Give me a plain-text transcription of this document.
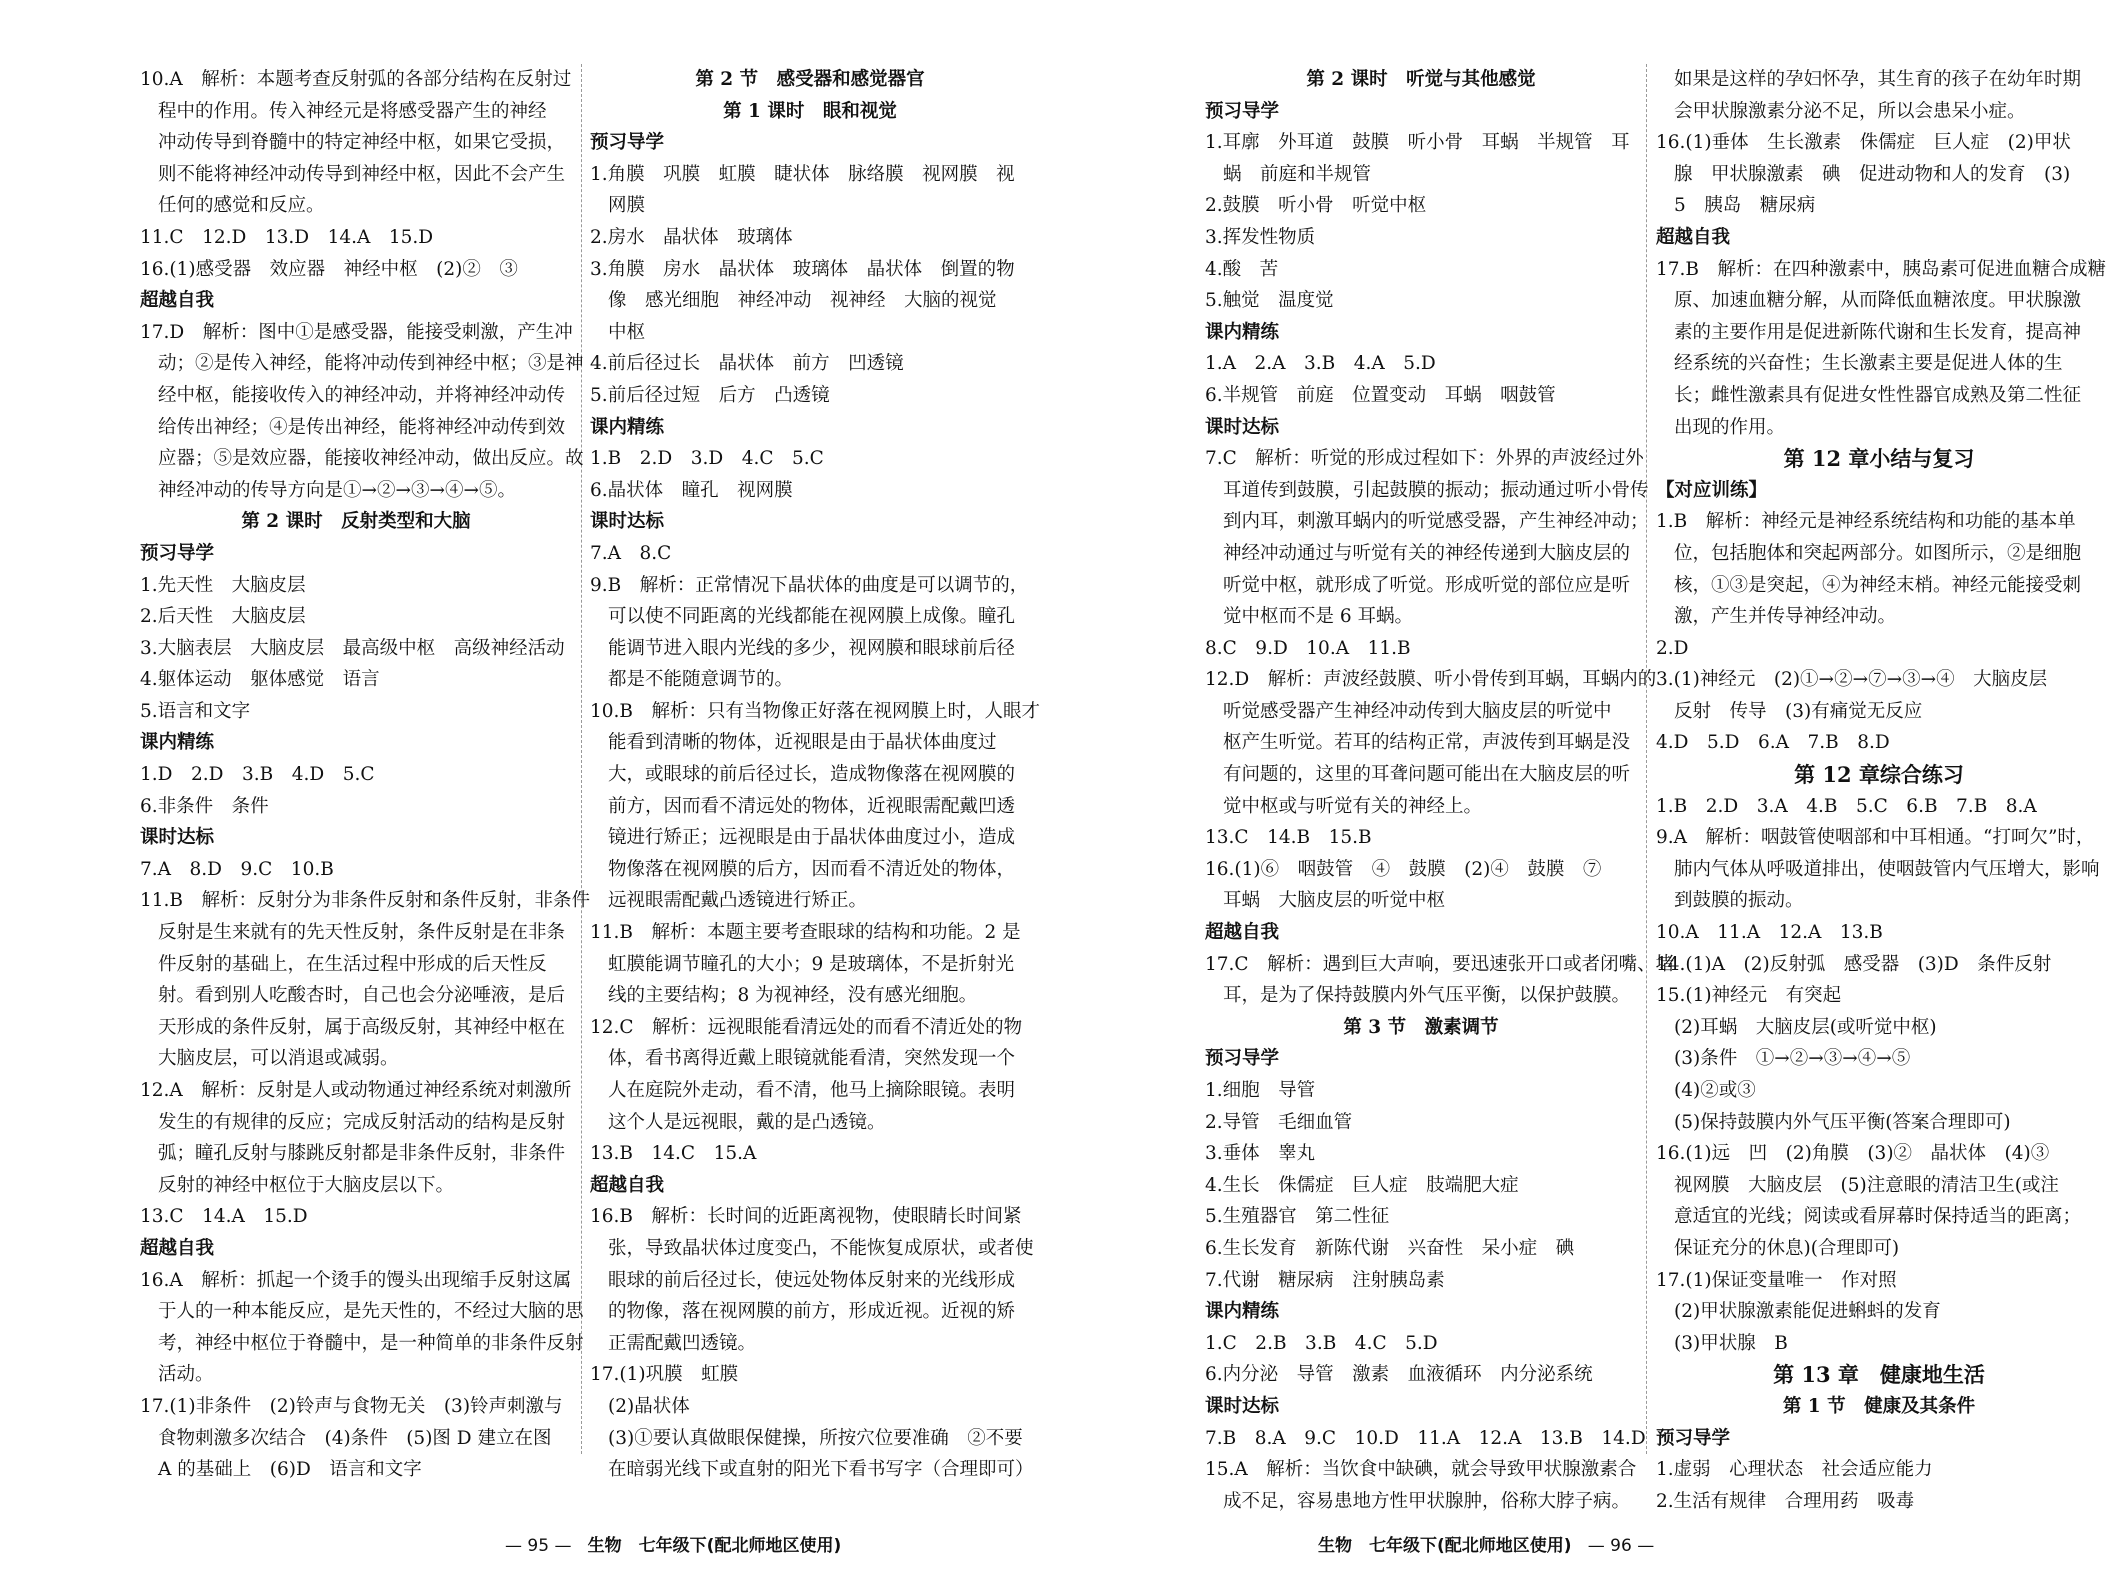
10.A　解析：本题考查反射弧的各部分结构在反射过
程中的作用。传入神经元是将感受器产生的神经
冲动传导到脊髓中的特定神经中枢，如果它受损，
则不能将神经冲动传导到神经中枢，因此不会产生
任何的感觉和反应。
11.C　12.D　13.D　14.A　15.D
16.(1)感受器　效应器　神经中枢　(2)②　③
超越自我
17.D　解析：图中①是感受器，能接受刺激，产生冲
动；②是传入神经，能将冲动传到神经中枢；③是神
经中枢，能接收传入的神经冲动，并将神经冲动传
给传出神经；④是传出神经，能将神经冲动传到效
应器；⑤是效应器，能接收神经冲动，做出反应。故
神经冲动的传导方向是①→②→③→④→⑤。
第 2 课时　反射类型和大脑
预习导学
1.先天性　大脑皮层
2.后天性　大脑皮层
3.大脑表层　大脑皮层　最高级中枢　高级神经活动
4.躯体运动　躯体感觉　语言
5.语言和文字
课内精练
1.D　2.D　3.B　4.D　5.C
6.非条件　条件
课时达标
7.A　8.D　9.C　10.B
11.B　解析：反射分为非条件反射和条件反射，非条件
反射是生来就有的先天性反射，条件反射是在非条
件反射的基础上，在生活过程中形成的后天性反
射。看到别人吃酸杏时，自己也会分泌唾液，是后
天形成的条件反射，属于高级反射，其神经中枢在
大脑皮层，可以消退或减弱。
12.A　解析：反射是人或动物通过神经系统对刺激所
发生的有规律的反应；完成反射活动的结构是反射
弧；瞳孔反射与膝跳反射都是非条件反射，非条件
反射的神经中枢位于大脑皮层以下。
13.C　14.A　15.D
超越自我
16.A　解析：抓起一个烫手的馒头出现缩手反射这属
于人的一种本能反应，是先天性的，不经过大脑的思
考，神经中枢位于脊髓中，是一种简单的非条件反射
活动。
17.(1)非条件　(2)铃声与食物无关　(3)铃声刺激与
食物刺激多次结合　(4)条件　(5)图 D 建立在图
A 的基础上　(6)D　语言和文字
第 2 节　感受器和感觉器官
第 1 课时　眼和视觉
预习导学
1.角膜　巩膜　虹膜　睫状体　脉络膜　视网膜　视
网膜
2.房水　晶状体　玻璃体
3.角膜　房水　晶状体　玻璃体　晶状体　倒置的物
像　感光细胞　神经冲动　视神经　大脑的视觉
中枢
4.前后径过长　晶状体　前方　凹透镜
5.前后径过短　后方　凸透镜
课内精练
1.B　2.D　3.D　4.C　5.C
6.晶状体　瞳孔　视网膜
课时达标
7.A　8.C
9.B　解析：正常情况下晶状体的曲度是可以调节的，
可以使不同距离的光线都能在视网膜上成像。瞳孔
能调节进入眼内光线的多少，视网膜和眼球前后径
都是不能随意调节的。
10.B　解析：只有当物像正好落在视网膜上时，人眼才
能看到清晰的物体，近视眼是由于晶状体曲度过
大，或眼球的前后径过长，造成物像落在视网膜的
前方，因而看不清远处的物体，近视眼需配戴凹透
镜进行矫正；远视眼是由于晶状体曲度过小，造成
物像落在视网膜的后方，因而看不清近处的物体，
远视眼需配戴凸透镜进行矫正。
11.B　解析：本题主要考查眼球的结构和功能。2 是
虹膜能调节瞳孔的大小；9 是玻璃体，不是折射光
线的主要结构；8 为视神经，没有感光细胞。
12.C　解析：远视眼能看清远处的而看不清近处的物
体，看书离得近戴上眼镜就能看清，突然发现一个
人在庭院外走动，看不清，他马上摘除眼镜。表明
这个人是远视眼，戴的是凸透镜。
13.B　14.C　15.A
超越自我
16.B　解析：长时间的近距离视物，使眼睛长时间紧
张，导致晶状体过度变凸，不能恢复成原状，或者使
眼球的前后径过长，使远处物体反射来的光线形成
的物像，落在视网膜的前方，形成近视。近视的矫
正需配戴凹透镜。
17.(1)巩膜　虹膜
(2)晶状体
(3)①要认真做眼保健操，所按穴位要准确　②不要
在暗弱光线下或直射的阳光下看书写字（合理即可）
第 2 课时　听觉与其他感觉
预习导学
1.耳廓　外耳道　鼓膜　听小骨　耳蜗　半规管　耳
蜗　前庭和半规管
2.鼓膜　听小骨　听觉中枢
3.挥发性物质
4.酸　苦
5.触觉　温度觉
课内精练
1.A　2.A　3.B　4.A　5.D
6.半规管　前庭　位置变动　耳蜗　咽鼓管
课时达标
7.C　解析：听觉的形成过程如下：外界的声波经过外
耳道传到鼓膜，引起鼓膜的振动；振动通过听小骨传
到内耳，刺激耳蜗内的听觉感受器，产生神经冲动；
神经冲动通过与听觉有关的神经传递到大脑皮层的
听觉中枢，就形成了听觉。形成听觉的部位应是听
觉中枢而不是 6 耳蜗。
8.C　9.D　10.A　11.B
12.D　解析：声波经鼓膜、听小骨传到耳蜗，耳蜗内的
听觉感受器产生神经冲动传到大脑皮层的听觉中
枢产生听觉。若耳的结构正常，声波传到耳蜗是没
有问题的，这里的耳聋问题可能出在大脑皮层的听
觉中枢或与听觉有关的神经上。
13.C　14.B　15.B
16.(1)⑥　咽鼓管　④　鼓膜　(2)④　鼓膜　⑦
耳蜗　大脑皮层的听觉中枢
超越自我
17.C　解析：遇到巨大声响，要迅速张开口或者闭嘴、堵
耳，是为了保持鼓膜内外气压平衡，以保护鼓膜。
第 3 节　激素调节
预习导学
1.细胞　导管
2.导管　毛细血管
3.垂体　睾丸
4.生长　侏儒症　巨人症　肢端肥大症
5.生殖器官　第二性征
6.生长发育　新陈代谢　兴奋性　呆小症　碘
7.代谢　糖尿病　注射胰岛素
课内精练
1.C　2.B　3.B　4.C　5.D
6.内分泌　导管　激素　血液循环　内分泌系统
课时达标
7.B　8.A　9.C　10.D　11.A　12.A　13.B　14.D
15.A　解析：当饮食中缺碘，就会导致甲状腺激素合
成不足，容易患地方性甲状腺肿，俗称大脖子病。
如果是这样的孕妇怀孕，其生育的孩子在幼年时期
会甲状腺激素分泌不足，所以会患呆小症。
16.(1)垂体　生长激素　侏儒症　巨人症　(2)甲状
腺　甲状腺激素　碘　促进动物和人的发育　(3)
5　胰岛　糖尿病
超越自我
17.B　解析：在四种激素中，胰岛素可促进血糖合成糖
原、加速血糖分解，从而降低血糖浓度。甲状腺激
素的主要作用是促进新陈代谢和生长发育，提高神
经系统的兴奋性；生长激素主要是促进人体的生
长；雌性激素具有促进女性性器官成熟及第二性征
出现的作用。
第 12 章小结与复习
【对应训练】
1.B　解析：神经元是神经系统结构和功能的基本单
位，包括胞体和突起两部分。如图所示，②是细胞
核，①③是突起，④为神经末梢。神经元能接受刺
激，产生并传导神经冲动。
2.D
3.(1)神经元　(2)①→②→⑦→③→④　大脑皮层
反射　传导　(3)有痛觉无反应
4.D　5.D　6.A　7.B　8.D
第 12 章综合练习
1.B　2.D　3.A　4.B　5.C　6.B　7.B　8.A
9.A　解析：咽鼓管使咽部和中耳相通。“打呵欠”时，
肺内气体从呼吸道排出，使咽鼓管内气压增大，影响
到鼓膜的振动。
10.A　11.A　12.A　13.B
14.(1)A　(2)反射弧　感受器　(3)D　条件反射
15.(1)神经元　有突起
(2)耳蜗　大脑皮层(或听觉中枢)
(3)条件　①→②→③→④→⑤
(4)②或③
(5)保持鼓膜内外气压平衡(答案合理即可)
16.(1)远　凹　(2)角膜　(3)②　晶状体　(4)③
视网膜　大脑皮层　(5)注意眼的清洁卫生(或注
意适宜的光线；阅读或看屏幕时保持适当的距离；
保证充分的休息)(合理即可)
17.(1)保证变量唯一　作对照
(2)甲状腺激素能促进蝌蚪的发育
(3)甲状腺　B
第 13 章　健康地生活
第 1 节　健康及其条件
预习导学
1.虚弱　心理状态　社会适应能力
2.生活有规律　合理用药　吸毒
— 95 — 生物　七年级下(配北师地区使用)	生物　七年级下(配北师地区使用) — 96 —
